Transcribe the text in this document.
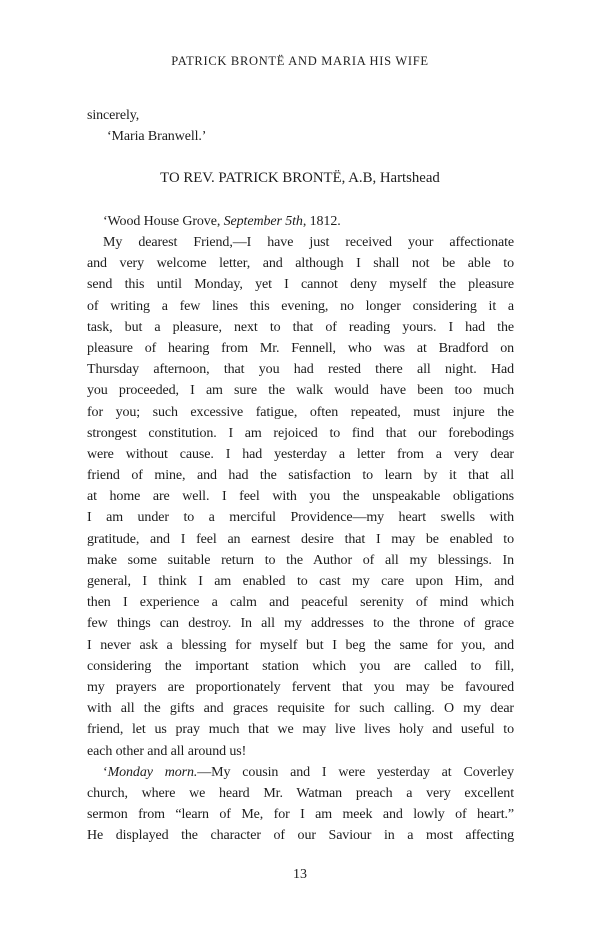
PATRICK BRONTË AND MARIA HIS WIFE
sincerely,
‘Maria Branwell.’
TO REV. PATRICK BRONTË, A.B, Hartshead
‘Wood House Grove, September 5th, 1812.
My dearest Friend,—I have just received your affectionate
and very welcome letter, and although I shall not be able to
send this until Monday, yet I cannot deny myself the pleasure
of writing a few lines this evening, no longer considering it a
task, but a pleasure, next to that of reading yours. I had the
pleasure of hearing from Mr. Fennell, who was at Bradford on
Thursday afternoon, that you had rested there all night. Had
you proceeded, I am sure the walk would have been too much
for you; such excessive fatigue, often repeated, must injure the
strongest constitution. I am rejoiced to find that our forebodings
were without cause. I had yesterday a letter from a very dear
friend of mine, and had the satisfaction to learn by it that all
at home are well. I feel with you the unspeakable obligations
I am under to a merciful Providence—my heart swells with
gratitude, and I feel an earnest desire that I may be enabled to
make some suitable return to the Author of all my blessings. In
general, I think I am enabled to cast my care upon Him, and
then I experience a calm and peaceful serenity of mind which
few things can destroy. In all my addresses to the throne of grace
I never ask a blessing for myself but I beg the same for you, and
considering the important station which you are called to fill,
my prayers are proportionately fervent that you may be favoured
with all the gifts and graces requisite for such calling. O my dear
friend, let us pray much that we may live lives holy and useful to
each other and all around us!
‘Monday morn.—My cousin and I were yesterday at Coverley
church, where we heard Mr. Watman preach a very excellent
sermon from “learn of Me, for I am meek and lowly of heart.”
He displayed the character of our Saviour in a most affecting
13
